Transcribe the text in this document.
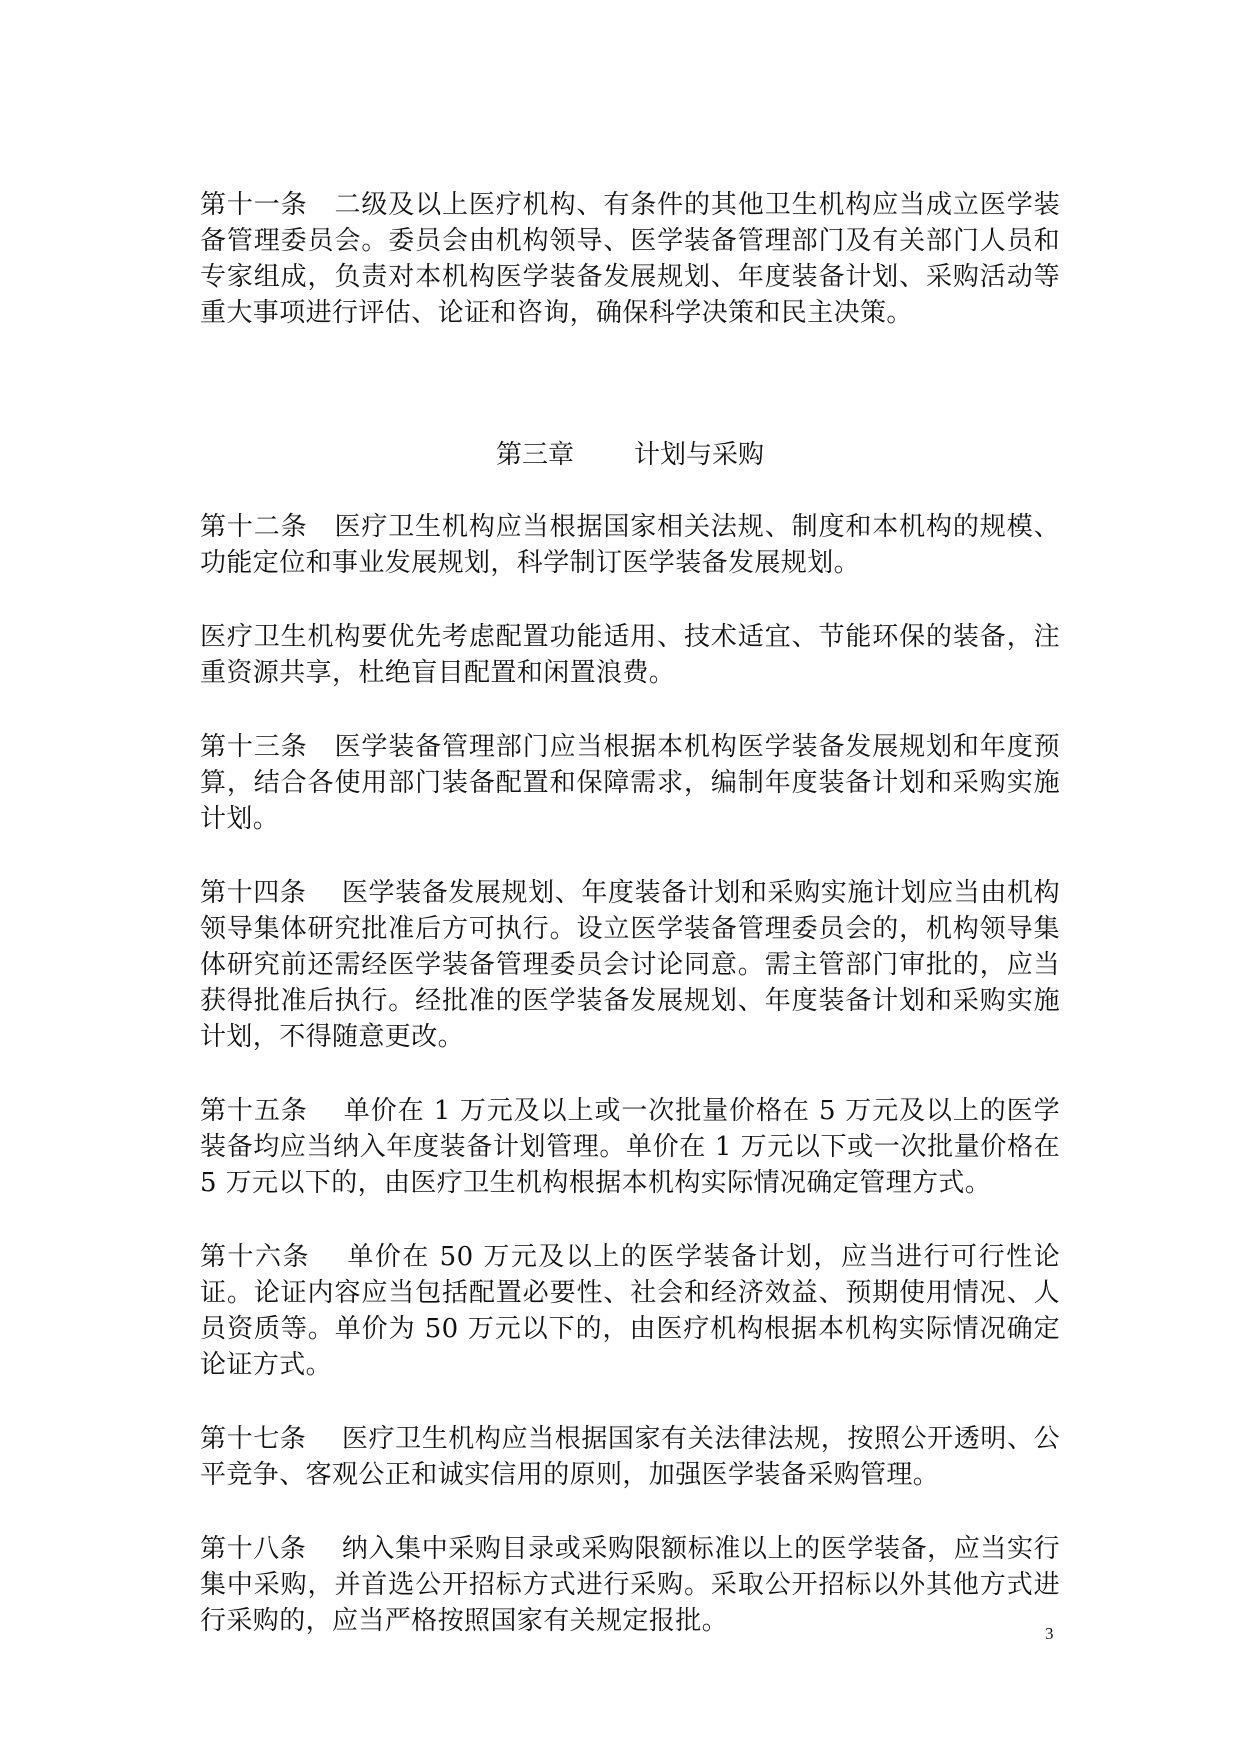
第十一条　二级及以上医疗机构、有条件的其他卫生机构应当成立医学装备管理委员会。委员会由机构领导、医学装备管理部门及有关部门人员和专家组成，负责对本机构医学装备发展规划、年度装备计划、采购活动等重大事项进行评估、论证和咨询，确保科学决策和民主决策。

第三章 计划与采购

第十二条　医疗卫生机构应当根据国家相关法规、制度和本机构的规模、功能定位和事业发展规划，科学制订医学装备发展规划。

医疗卫生机构要优先考虑配置功能适用、技术适宜、节能环保的装备，注重资源共享，杜绝盲目配置和闲置浪费。

第十三条　医学装备管理部门应当根据本机构医学装备发展规划和年度预算，结合各使用部门装备配置和保障需求，编制年度装备计划和采购实施计划。

第十四条　 医学装备发展规划、年度装备计划和采购实施计划应当由机构领导集体研究批准后方可执行。设立医学装备管理委员会的，机构领导集体研究前还需经医学装备管理委员会讨论同意。需主管部门审批的，应当获得批准后执行。经批准的医学装备发展规划、年度装备计划和采购实施计划，不得随意更改。

第十五条　 单价在 1 万元及以上或一次批量价格在 5 万元及以上的医学装备均应当纳入年度装备计划管理。单价在 1 万元以下或一次批量价格在 5 万元以下的，由医疗卫生机构根据本机构实际情况确定管理方式。

第十六条　 单价在 50 万元及以上的医学装备计划，应当进行可行性论证。论证内容应当包括配置必要性、社会和经济效益、预期使用情况、人员资质等。单价为 50 万元以下的，由医疗机构根据本机构实际情况确定论证方式。

第十七条　 医疗卫生机构应当根据国家有关法律法规，按照公开透明、公平竞争、客观公正和诚实信用的原则，加强医学装备采购管理。

第十八条　 纳入集中采购目录或采购限额标准以上的医学装备，应当实行集中采购，并首选公开招标方式进行采购。采取公开招标以外其他方式进行采购的，应当严格按照国家有关规定报批。	3
